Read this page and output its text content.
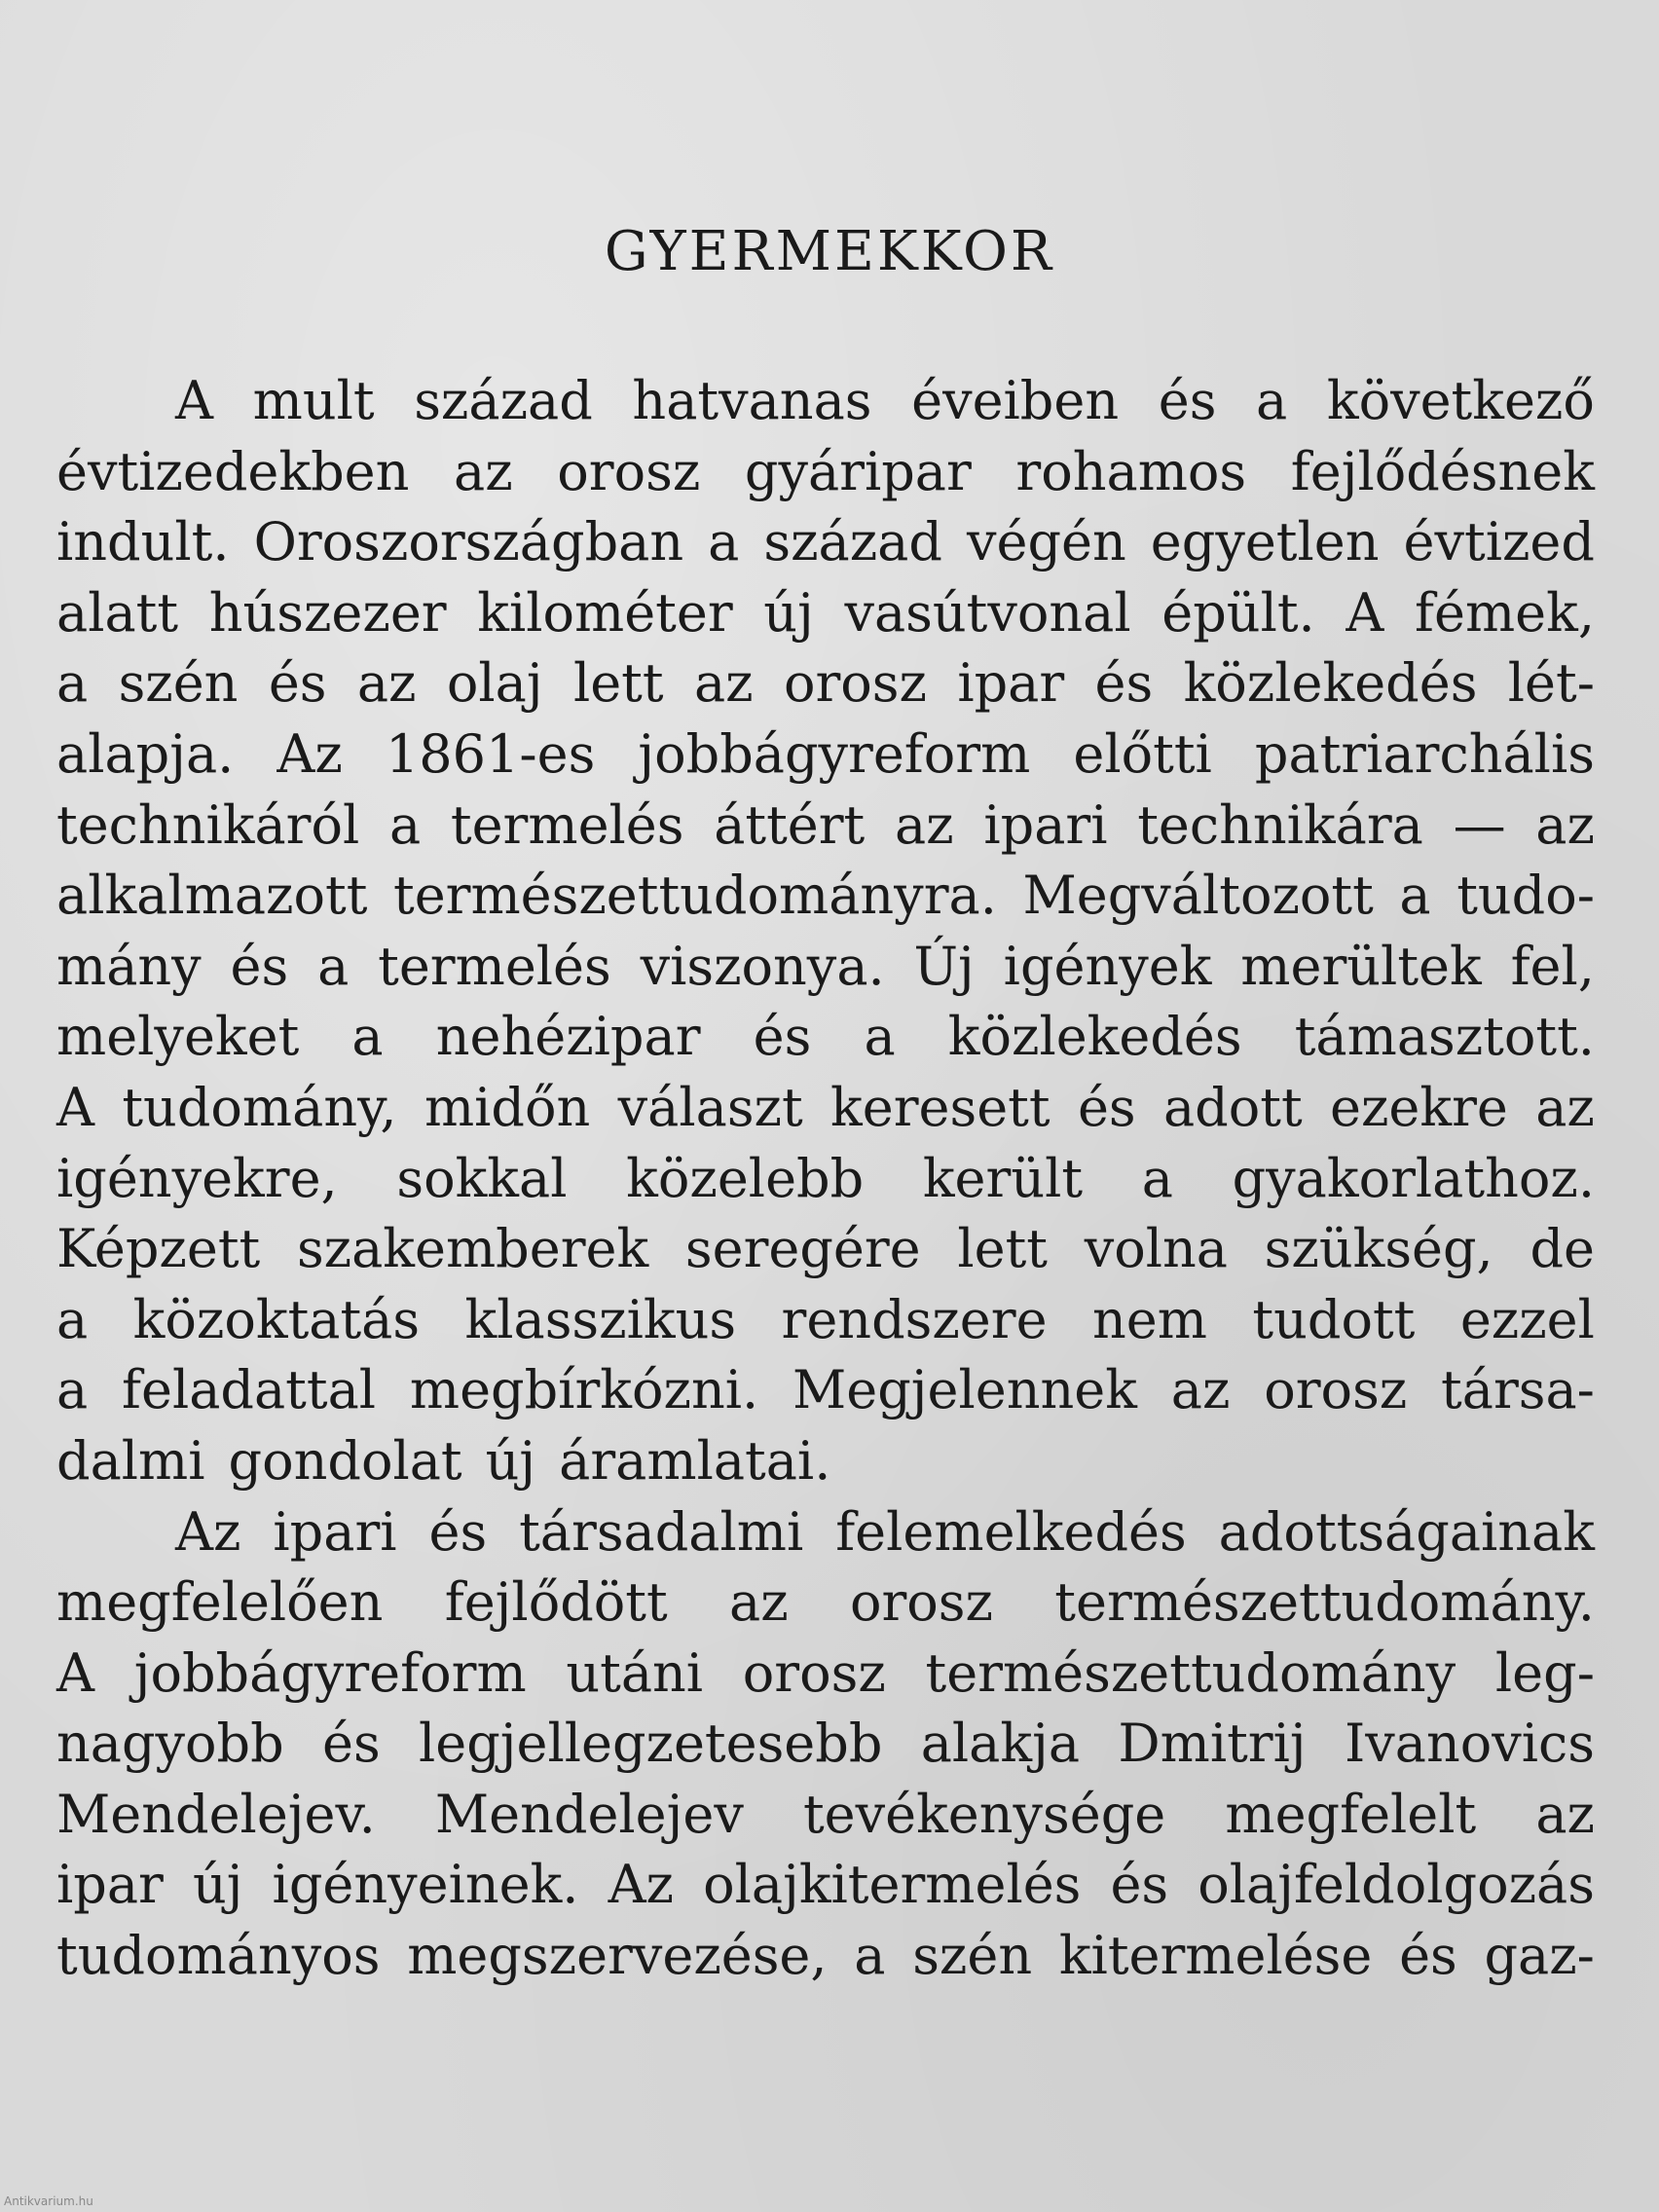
GYERMEKKOR
A mult század hatvanas éveiben és a következő
évtizedekben az orosz gyáripar rohamos fejlődésnek
indult. Oroszországban a század végén egyetlen évtized
alatt húszezer kilométer új vasútvonal épült. A fémek,
a szén és az olaj lett az orosz ipar és közlekedés lét-
alapja. Az 1861-es jobbágyreform előtti patriarchális
technikáról a termelés áttért az ipari technikára — az
alkalmazott természettudományra. Megváltozott a tudo-
mány és a termelés viszonya. Új igények merültek fel,
melyeket a nehézipar és a közlekedés támasztott.
A tudomány, midőn választ keresett és adott ezekre az
igényekre, sokkal közelebb került a gyakorlathoz.
Képzett szakemberek seregére lett volna szükség, de
a közoktatás klasszikus rendszere nem tudott ezzel
a feladattal megbírkózni. Megjelennek az orosz társa-
dalmi gondolat új áramlatai.
Az ipari és társadalmi felemelkedés adottságainak
megfelelően fejlődött az orosz természettudomány.
A jobbágyreform utáni orosz természettudomány leg-
nagyobb és legjellegzetesebb alakja Dmitrij Ivanovics
Mendelejev. Mendelejev tevékenysége megfelelt az
ipar új igényeinek. Az olajkitermelés és olajfeldolgozás
tudományos megszervezése, a szén kitermelése és gaz-
Antikvarium.hu
